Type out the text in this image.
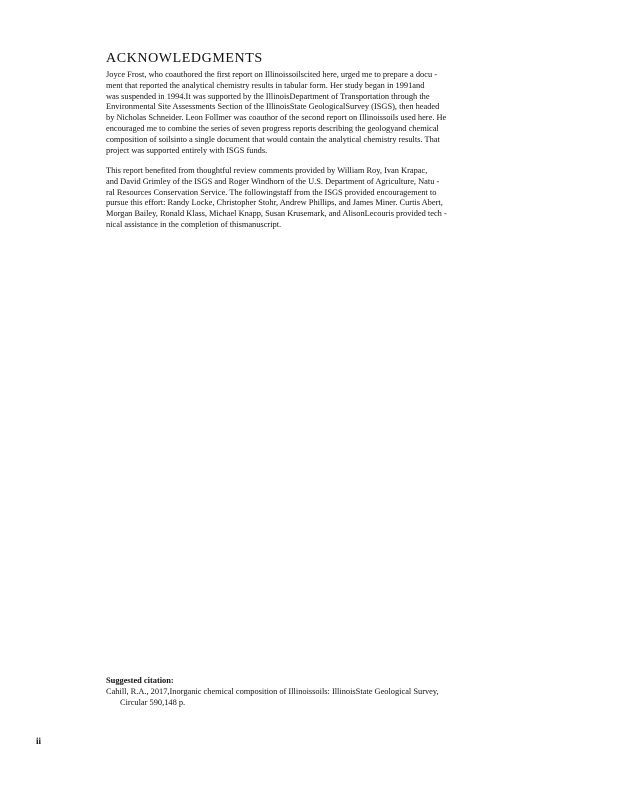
ACKNOWLEDGMENTS
Joyce Frost, who coauthored the first report on Illinoissoilscited here, urged me to prepare a docu -
ment that reported the analytical chemistry results in tabular form. Her study began in 1991and
was suspended in 1994.It was supported by the IllinoisDepartment of Transportation through the
Environmental Site Assessments Section of the IllinoisState GeologicalSurvey (ISGS), then headed
by Nicholas Schneider. Leon Follmer was coauthor of the second report on Illinoissoils used here. He
encouraged me to combine the series of seven progress reports describing the geologyand chemical
composition of soilsinto a single document that would contain the analytical chemistry results. That
project was supported entirely with ISGS funds.
This report benefited from thoughtful review comments provided by William Roy, Ivan Krapac,
and David Grimley of the ISGS and Roger Windhorn of the U.S. Department of Agriculture, Natu -
ral Resources Conservation Service. The followingstaff from the ISGS provided encouragement to
pursue this effort: Randy Locke, Christopher Stohr, Andrew Phillips, and James Miner. Curtis Abert,
Morgan Bailey, Ronald Klass, Michael Knapp, Susan Krusemark, and AlisonLecouris provided tech -
nical assistance in the completion of thismanuscript.
Suggested citation:
Cahill, R.A., 2017,Inorganic chemical composition of Illinoissoils: IllinoisState Geological Survey,
Circular 590,148 p.
ii
